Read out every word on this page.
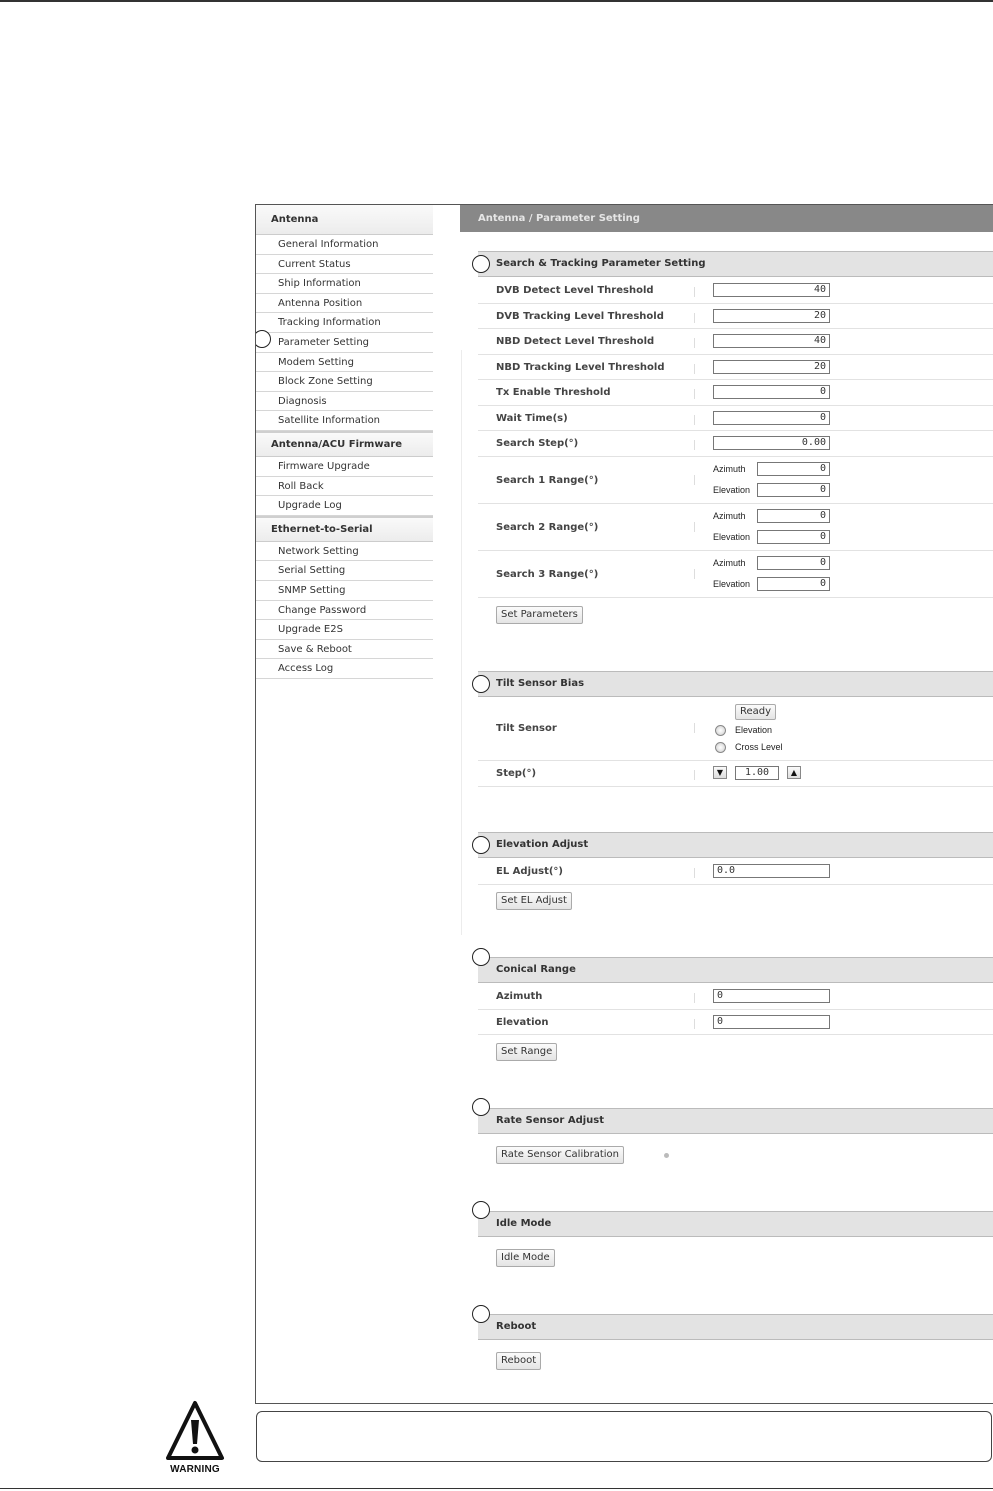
Antenna
General Information
Current Status
Ship Information
Antenna Position
Tracking Information
Parameter Setting
Modem Setting
Block Zone Setting
Diagnosis
Satellite Information
Antenna/ACU Firmware
Firmware Upgrade
Roll Back
Upgrade Log
Ethernet-to-Serial
Network Setting
Serial Setting
SNMP Setting
Change Password
Upgrade E2S
Save & Reboot
Access Log
Antenna / Parameter Setting
Search & Tracking Parameter Setting
DVB Detect Level Threshold	40
DVB Tracking Level Threshold	20
NBD Detect Level Threshold	40
NBD Tracking Level Threshold	20
Tx Enable Threshold	0
Wait Time(s)	0
Search Step(°)	0.00
Search 1 Range(°)
Azimuth	0
Elevation	0
Search 2 Range(°)
Azimuth	0
Elevation	0
Search 3 Range(°)
Azimuth	0
Elevation	0
Set Parameters
Tilt Sensor Bias
Tilt Sensor
Ready
Elevation
Cross Level
Step(°)	▼	1.00	▲
Elevation Adjust
EL Adjust(°)	0.0
Set EL Adjust
Conical Range
Azimuth	0
Elevation	0
Set Range
Rate Sensor Adjust
Rate Sensor Calibration
Idle Mode
Idle Mode
Reboot
Reboot
WARNING
